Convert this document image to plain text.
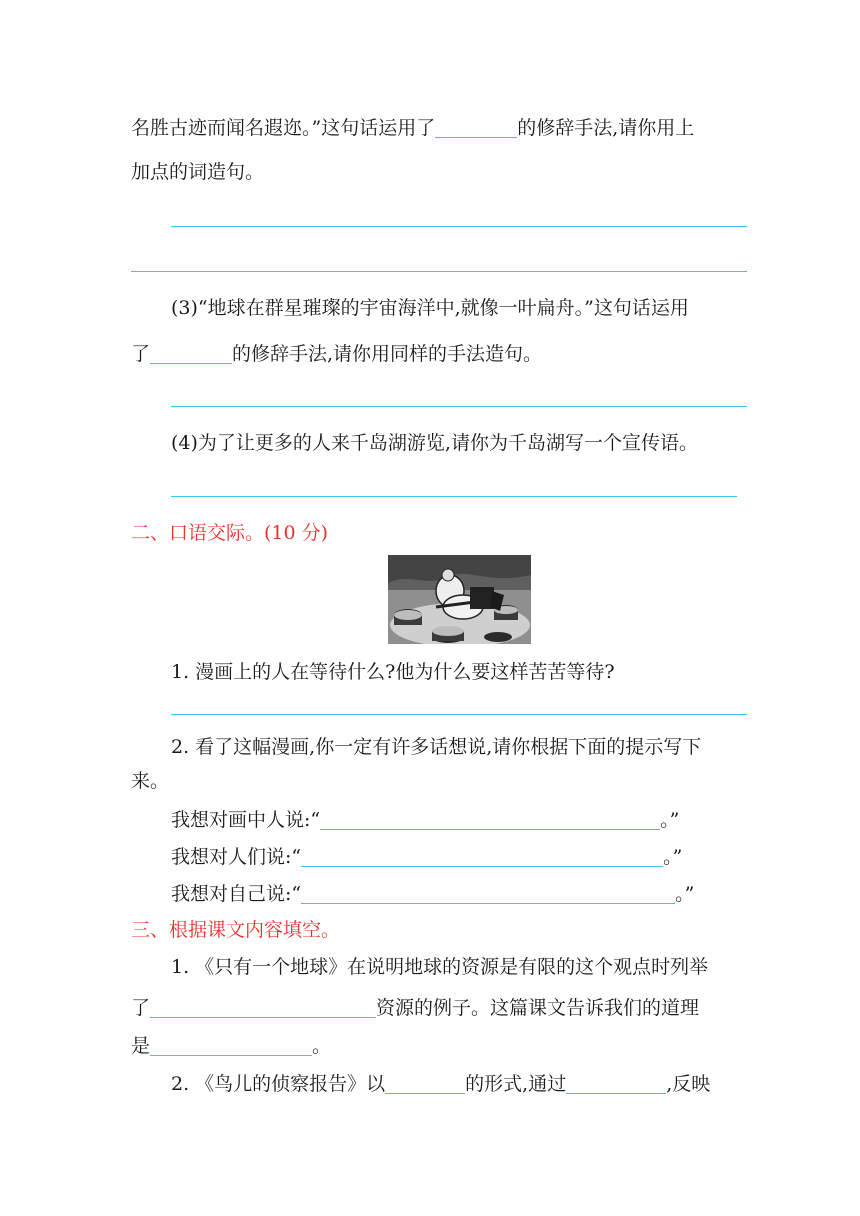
名胜古迹而闻名遐迩。”这句话运用了	的修辞手法,请你用上
加点的词造句。
(3)“地球在群星璀璨的宇宙海洋中,就像一叶扁舟。”这句话运用
了	的修辞手法,请你用同样的手法造句。
(4)为了让更多的人来千岛湖游览,请你为千岛湖写一个宣传语。
二、口语交际。(10 分)
1. 漫画上的人在等待什么?他为什么要这样苦苦等待?
2. 看了这幅漫画,你一定有许多话想说,请你根据下面的提示写下
来。
我想对画中人说:“	。”
我想对人们说:“	。”
我想对自己说:“	。”
三、根据课文内容填空。
1. 《只有一个地球》在说明地球的资源是有限的这个观点时列举
了	资源的例子。这篇课文告诉我们的道理
是	。
2. 《鸟儿的侦察报告》以	的形式,通过	,反映
